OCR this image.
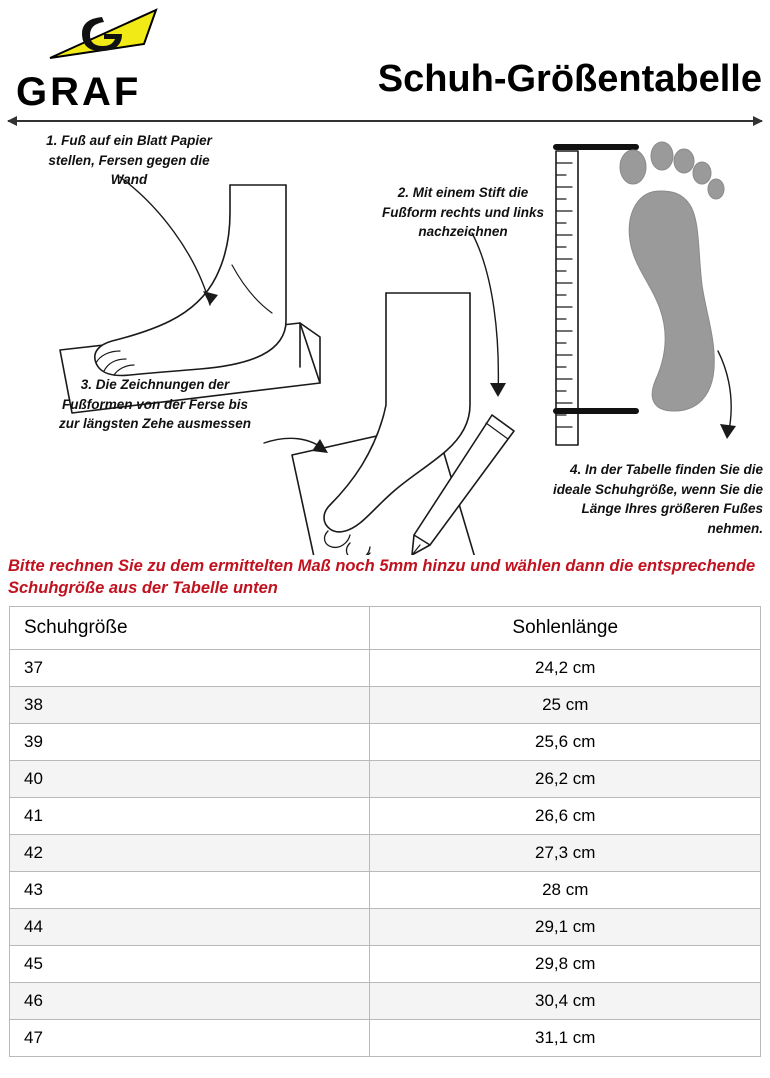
GRAF	Schuh-Größentabelle
1. Fuß auf ein Blatt Papier stellen, Fersen gegen die Wand
2. Mit einem Stift die Fußform rechts und links nachzeichnen
3. Die Zeichnungen der Fußformen von der Ferse bis zur längsten Zehe ausmessen
4. In der Tabelle finden Sie die ideale Schuhgröße, wenn Sie die Länge Ihres größeren Fußes nehmen.
Bitte rechnen Sie zu dem ermittelten Maß noch 5mm hinzu und wählen dann die entsprechende Schuhgröße aus der Tabelle unten
Schuhgröße	Sohlenlänge
37	24,2 cm
38	25 cm
39	25,6 cm
40	26,2 cm
41	26,6 cm
42	27,3 cm
43	28 cm
44	29,1 cm
45	29,8 cm
46	30,4 cm
47	31,1 cm
